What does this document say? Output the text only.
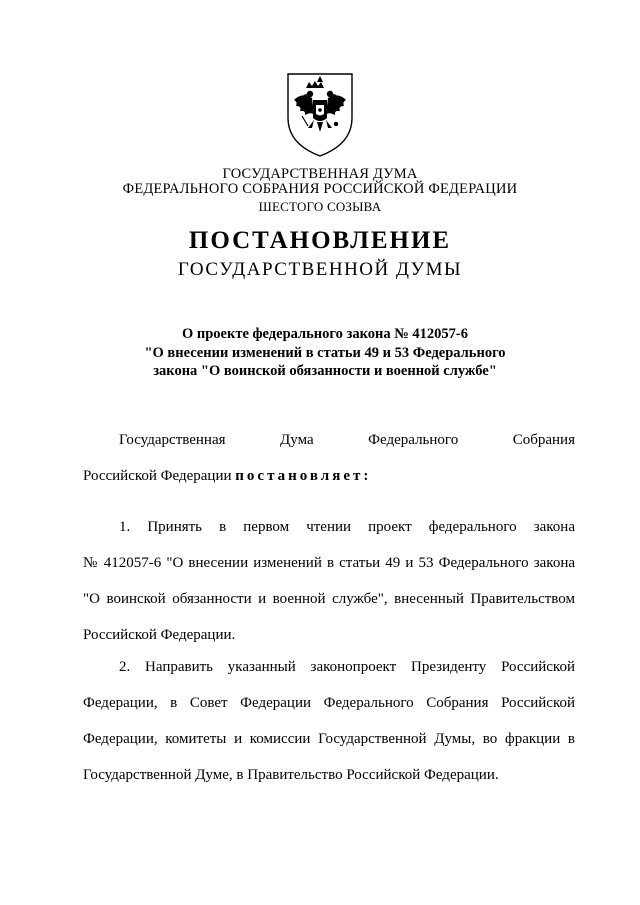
ГОСУДАРСТВЕННАЯ ДУМА
ФЕДЕРАЛЬНОГО СОБРАНИЯ РОССИЙСКОЙ ФЕДЕРАЦИИ
ШЕСТОГО СОЗЫВА
ПОСТАНОВЛЕНИЕ
ГОСУДАРСТВЕННОЙ ДУМЫ
О проекте федерального закона № 412057-6
"О внесении изменений в статьи 49 и 53 Федерального
закона "О воинской обязанности и военной службе"
Государственная Дума Федерального Собрания
Российской Федерации постановляет:
1. Принять в первом чтении проект федерального закона
№ 412057-6 "О внесении изменений в статьи 49 и 53 Федерального закона
"О воинской обязанности и военной службе", внесенный Правительством
Российской Федерации.
2. Направить указанный законопроект Президенту Российской
Федерации, в Совет Федерации Федерального Собрания Российской
Федерации, комитеты и комиссии Государственной Думы, во фракции в
Государственной Думе, в Правительство Российской Федерации.
